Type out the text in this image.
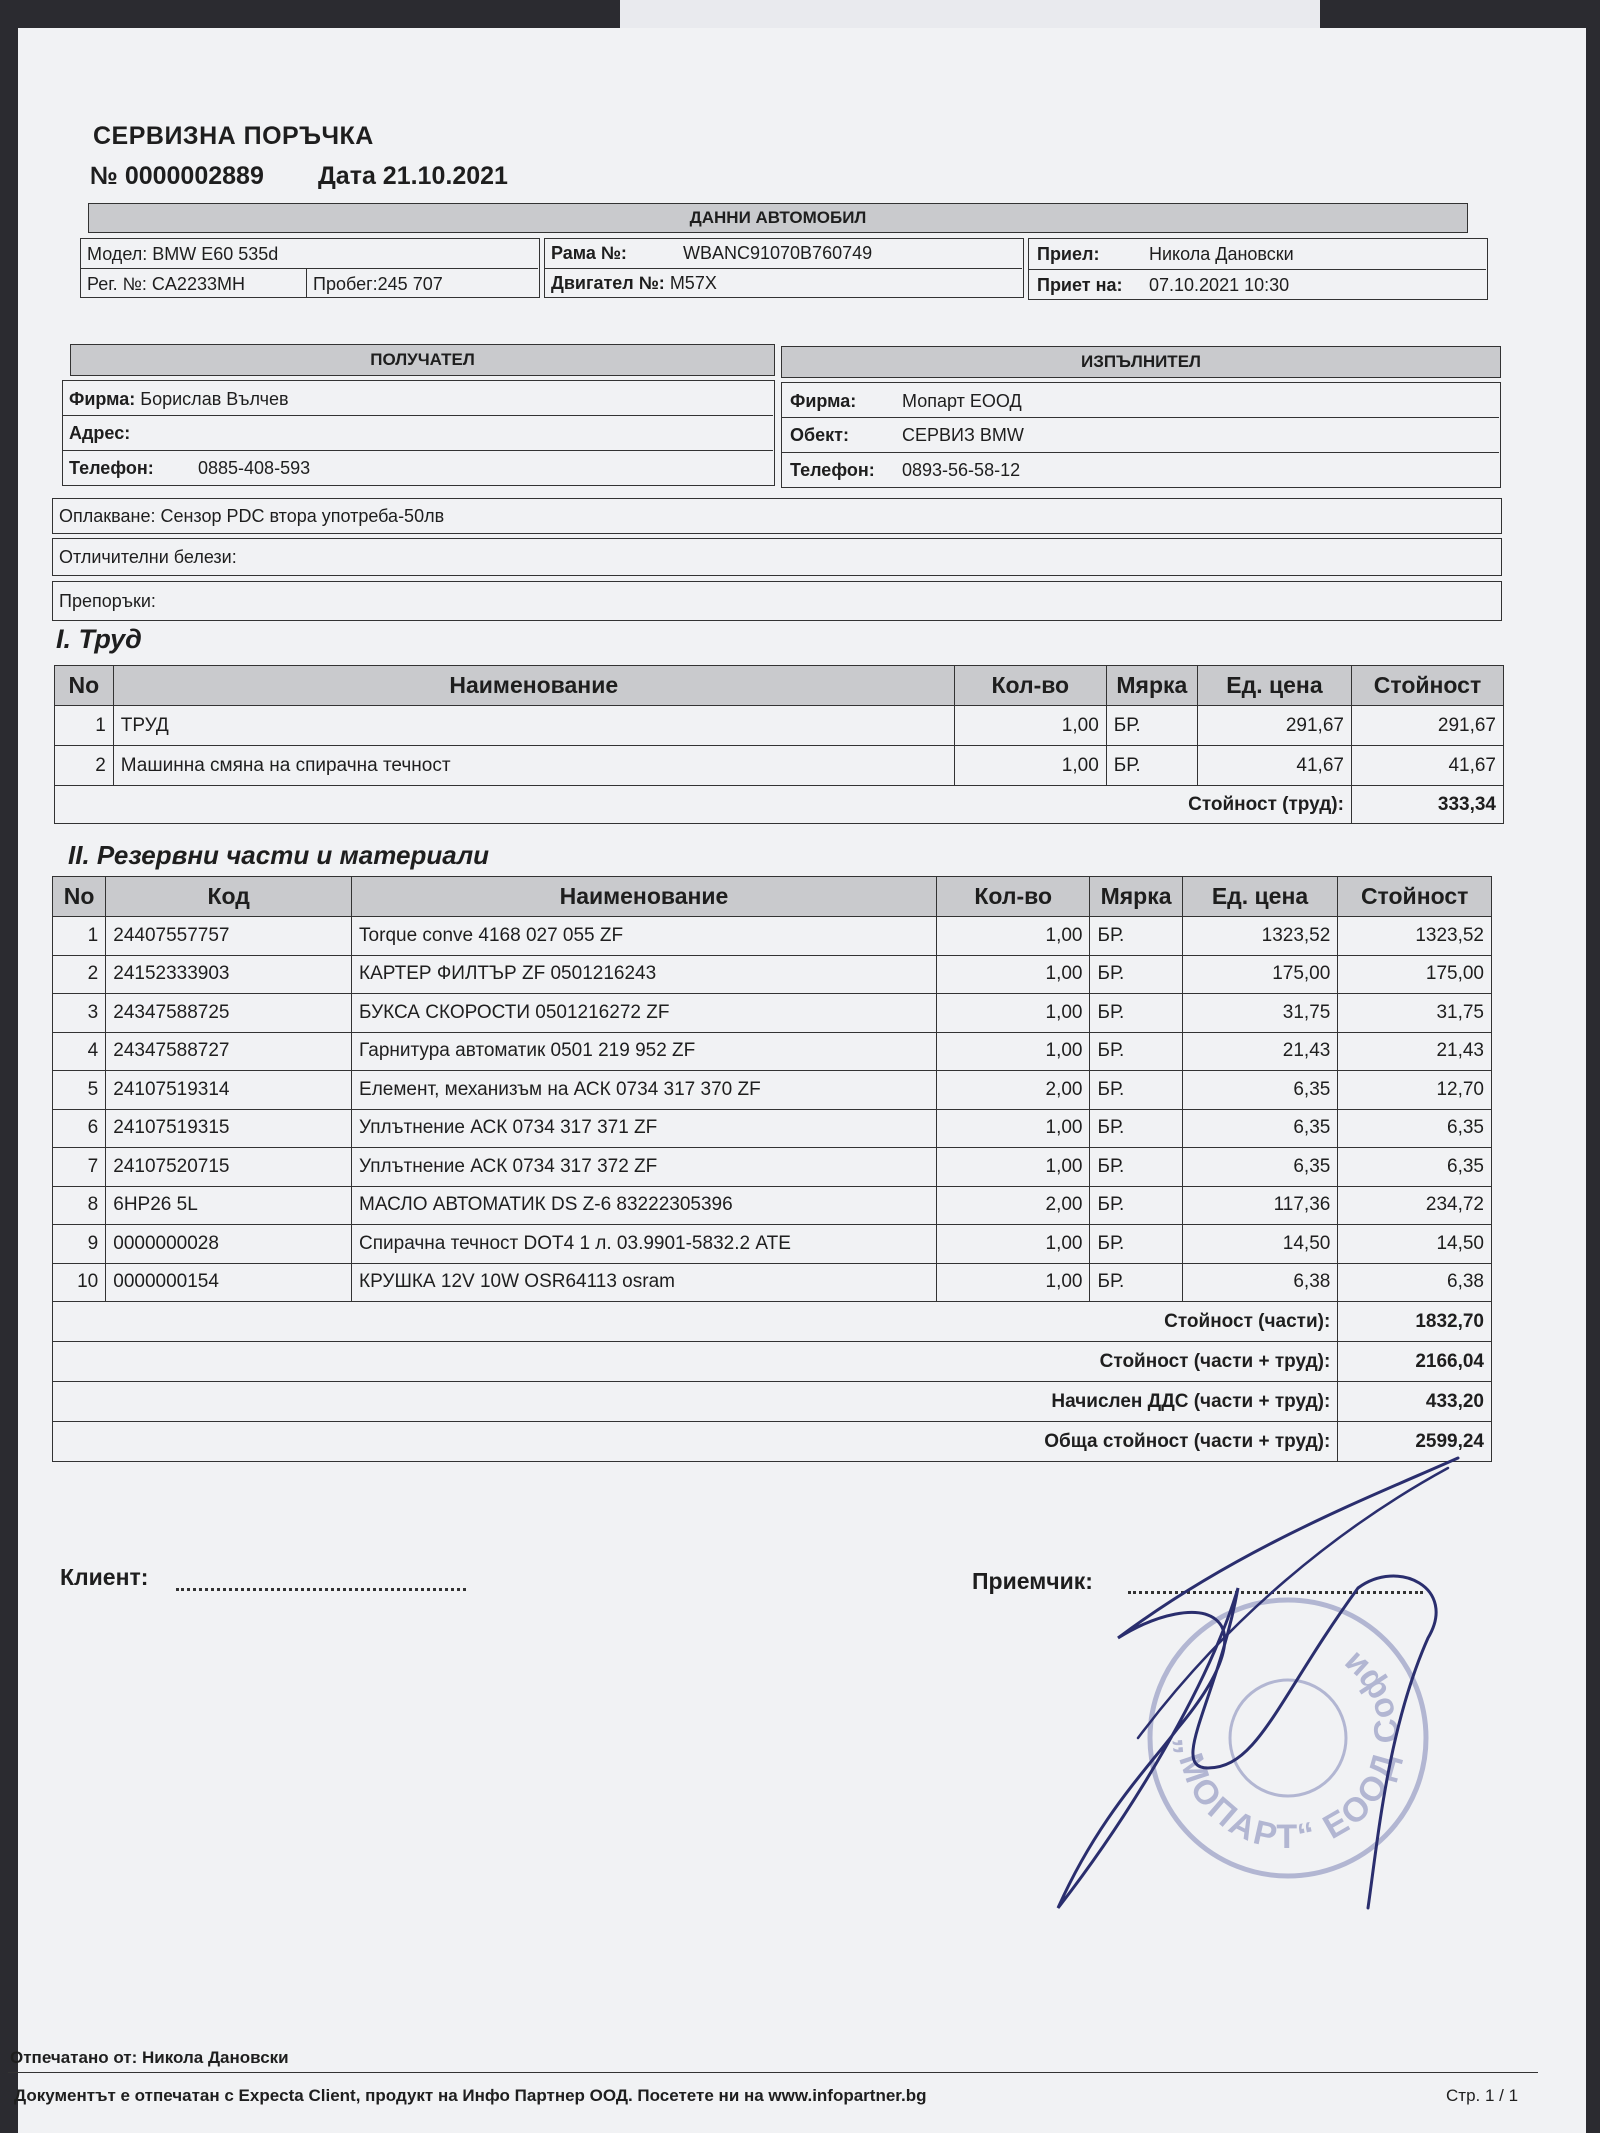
СЕРВИЗНА ПОРЪЧКА
№ 0000002889 Дата 21.10.2021
ДАННИ АВТОМОБИЛ
Модел: BMW E60 535d
Рег. №: CA2233MH	Пробег:245 707
Рама №:	WBANC91070B760749
Двигател №: M57X
Приел:	Никола Дановски
Приет на: 07.10.2021 10:30
ПОЛУЧАТЕЛ	ИЗПЪЛНИТЕЛ
Фирма: Борислав Вълчев
Адрес:
Телефон: 0885-408-593
Фирма:	Мопарт ЕООД
Обект:	СЕРВИЗ BMW
Телефон: 0893-56-58-12
Оплакване: Сензор PDC втора употреба-50лв
Отличителни белези:
Препоръки:
I. Труд
No	Наименование	Кол-во	Мярка	Ед. цена	Стойност
1	ТРУД	1,00	БР.	291,67	291,67
2	Машинна смяна на спирачна течност	1,00	БР.	41,67	41,67
Стойност (труд):					333,34
II. Резервни части и материали
No	Код	Наименование	Кол-во	Мярка	Ед. цена	Стойност
1	24407557757	Torque conve 4168 027 055 ZF	1,00	БР.	1323,52	1323,52
2	24152333903	КАРТЕР ФИЛТЪР ZF 0501216243	1,00	БР.	175,00	175,00
3	24347588725	БУКСА СКОРОСТИ 0501216272 ZF	1,00	БР.	31,75	31,75
4	24347588727	Гарнитура автоматик 0501 219 952 ZF	1,00	БР.	21,43	21,43
5	24107519314	Елемент, механизъм на АСК 0734 317 370 ZF	2,00	БР.	6,35	12,70
6	24107519315	Уплътнение АСК 0734 317 371 ZF	1,00	БР.	6,35	6,35
7	24107520715	Уплътнение АСК 0734 317 372 ZF	1,00	БР.	6,35	6,35
8	6HP26 5L	МАСЛО АВТОМАТИК DS Z-6 83222305396	2,00	БР.	117,36	234,72
9	0000000028	Спирачна течност DOT4 1 л. 03.9901-5832.2 ATE	1,00	БР.	14,50	14,50
10	0000000154	КРУШКА 12V 10W OSR64113 osram	1,00	БР.	6,38	6,38
Стойност (части):						1832,70
Стойност (части + труд):						2166,04
Начислен ДДС (части + труд):						433,20
Обща стойност (части + труд):						2599,24
Клиент:	Приемчик:
„МОПАРТ“ ЕООД Софи
Отпечатано от: Никола Дановски
Документът е отпечатан с Expecta Client, продукт на Инфо Партнер ООД. Посетете ни на www.infopartner.bg	Стр. 1 / 1
